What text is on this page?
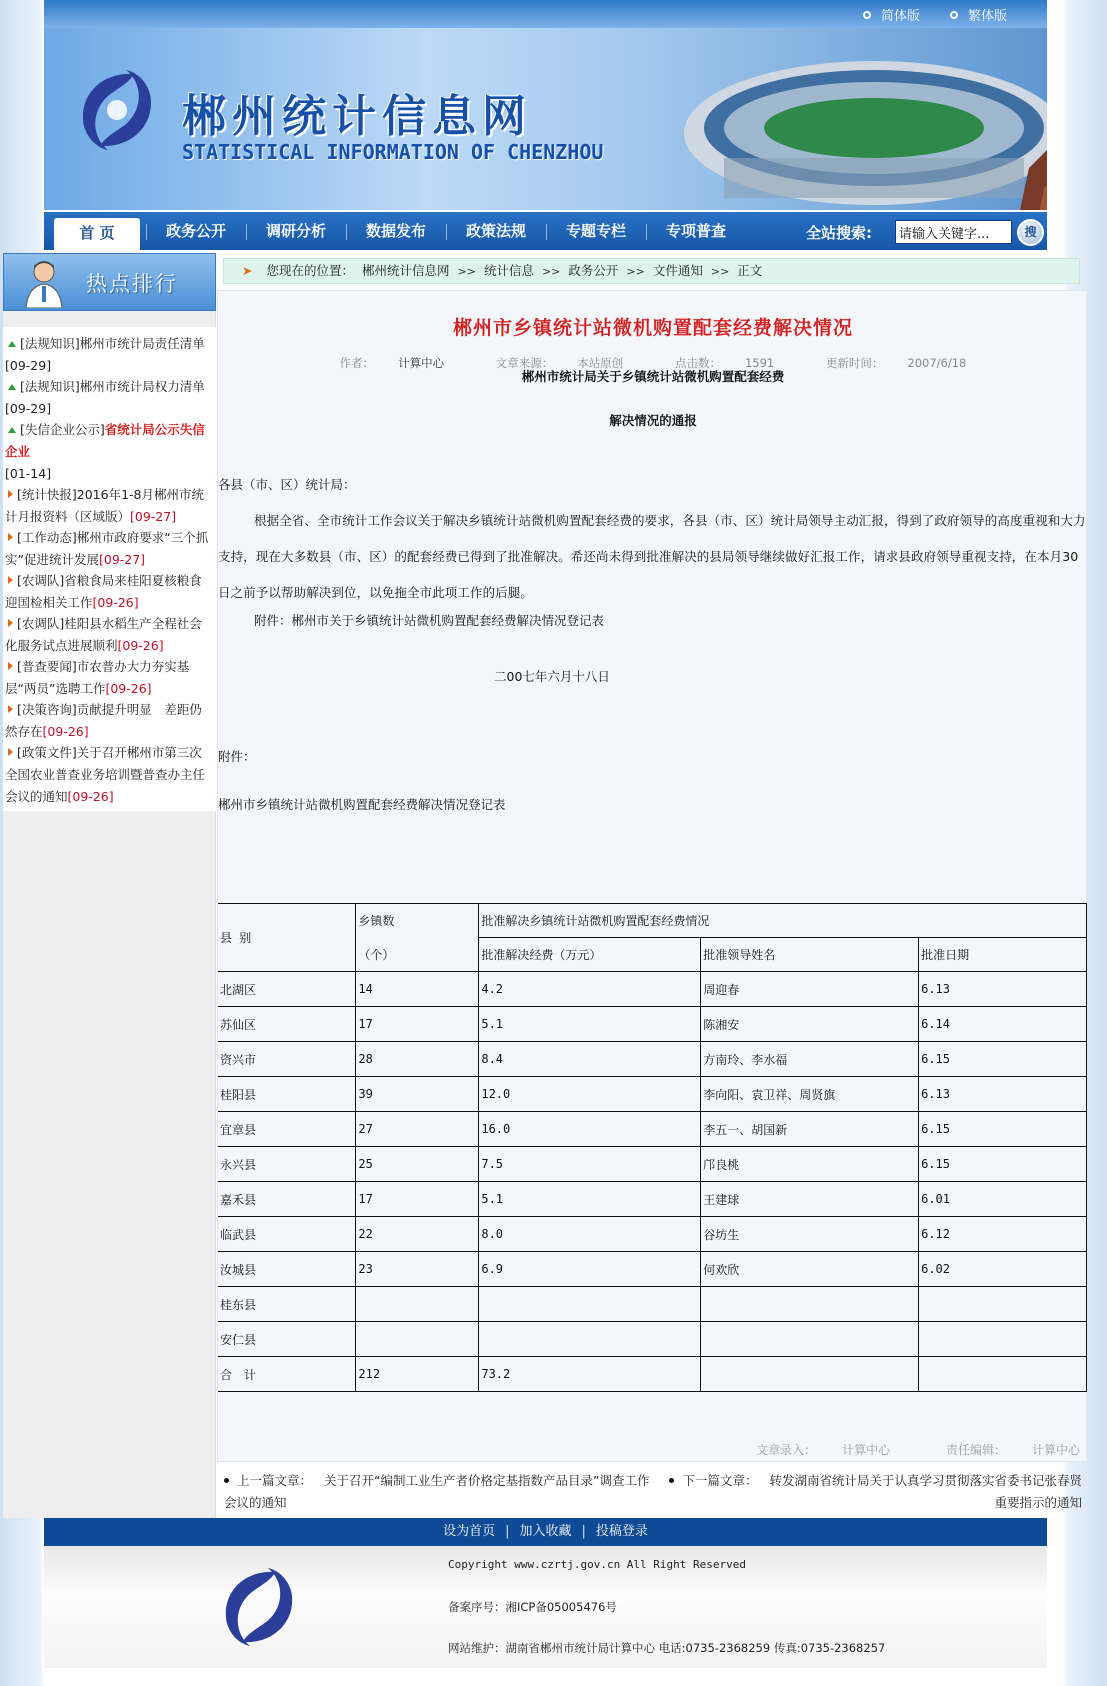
简体版	繁体版
郴州统计信息网
STATISTICAL INFORMATION OF CHENZHOU
首 页	政务公开	调研分析	数据发布	政策法规	专题专栏	专项普查	全站搜索:
请输入关键字...	搜
热点排行
[法规知识]郴州市统计局责任清单
[09-29]
[法规知识]郴州市统计局权力清单
[09-29]
[失信企业公示]省统计局公示失信企业
[01-14]
[统计快报]2016年1-8月郴州市统计月报资料（区域版）[09-27]
[工作动态]郴州市政府要求“三个抓实”促进统计发展[09-27]
[农调队]省粮食局来桂阳夏核粮食迎国检相关工作[09-26]
[农调队]桂阳县水稻生产全程社会化服务试点进展顺利[09-26]
[普查要闻]市农普办大力夯实基层“两员”选聘工作[09-26]
[决策咨询]贡献提升明显　差距仍然存在[09-26]
[政策文件]关于召开郴州市第三次全国农业普查业务培训暨普查办主任会议的通知[09-26]
➤ 您现在的位置： 郴州统计信息网 >> 统计信息 >> 政务公开 >> 文件通知 >> 正文
郴州市乡镇统计站微机购置配套经费解决情况
作者： 计算中心	文章来源： 本站原创	点击数： 1591	更新时间： 2007/6/18
郴州市统计局关于乡镇统计站微机购置配套经费
解决情况的通报
各县（市、区）统计局：
根据全省、全市统计工作会议关于解决乡镇统计站微机购置配套经费的要求，各县（市、区）统计局领导主动汇报，得到了政府领导的高度重视和大力支持，现在大多数县（市、区）的配套经费已得到了批准解决。希还尚未得到批准解决的县局领导继续做好汇报工作，请求县政府领导重视支持，在本月30日之前予以帮助解决到位，以免拖全市此项工作的后腿。
附件：郴州市关于乡镇统计站微机购置配套经费解决情况登记表
二00七年六月十八日
附件：
郴州市乡镇统计站微机购置配套经费解决情况登记表
县 别	乡镇数	批准解决乡镇统计站微机购置配套经费情况		
	（个）	批准解决经费（万元）	批准领导姓名	批准日期
北湖区	14	4.2	周迎春	6.13
苏仙区	17	5.1	陈湘安	6.14
资兴市	28	8.4	方南玲、李水福	6.15
桂阳县	39	12.0	李向阳、袁卫祥、周贤旗	6.13
宜章县	27	16.0	李五一、胡国新	6.15
永兴县	25	7.5	邝良桃	6.15
嘉禾县	17	5.1	王建球	6.01
临武县	22	8.0	谷坊生	6.12
汝城县	23	6.9	何欢欣	6.02
桂东县				
安仁县				
合　计	212	73.2		
文章录入： 计算中心	责任编辑： 计算中心
上一篇文章： 关于召开“编制工业生产者价格定基指数产品目录”调查工作会议的通知
下一篇文章： 转发湖南省统计局关于认真学习贯彻落实省委书记张春贤重要指示的通知
设为首页 | 加入收藏 | 投稿登录
Copyright www.czrtj.gov.cn All Right Reserved
备案序号：湘ICP备05005476号
网站维护：湖南省郴州市统计局计算中心 电话:0735-2368259 传真:0735-2368257
